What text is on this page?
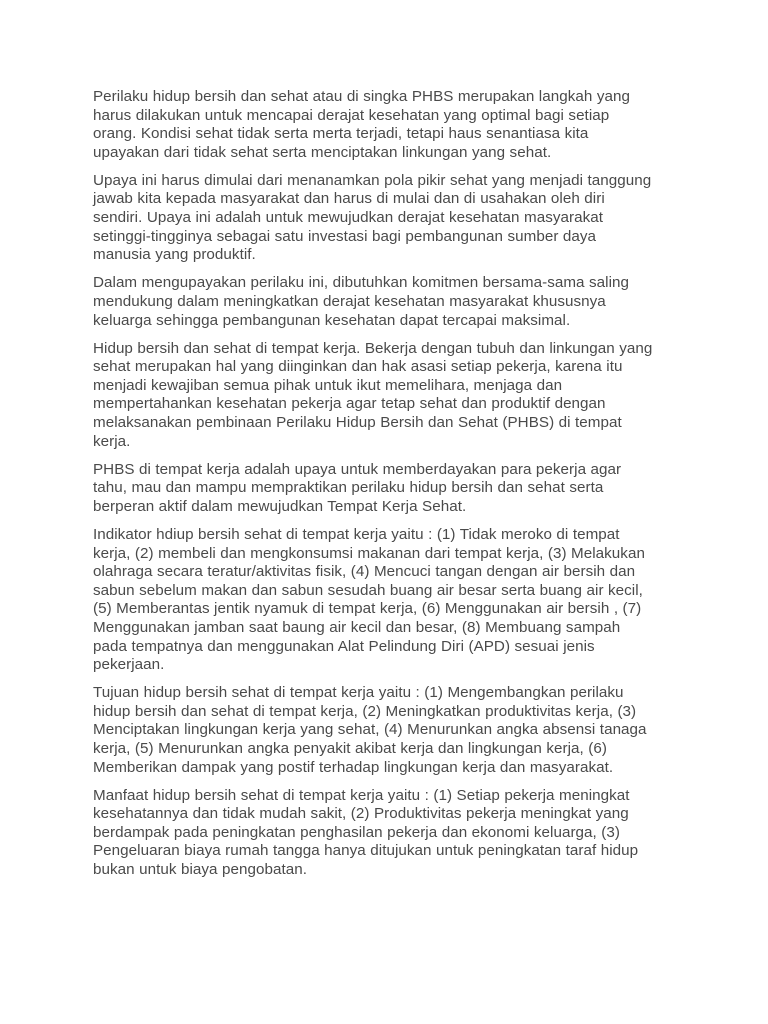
Perilaku hidup bersih dan sehat atau di singka PHBS merupakan langkah yang harus dilakukan untuk mencapai derajat kesehatan yang optimal bagi setiap orang. Kondisi sehat tidak serta merta terjadi, tetapi haus senantiasa kita upayakan dari tidak sehat serta menciptakan linkungan yang sehat.

Upaya ini harus dimulai dari menanamkan pola pikir sehat yang menjadi tanggung jawab kita kepada masyarakat dan harus di mulai dan di usahakan oleh diri sendiri. Upaya ini adalah untuk mewujudkan derajat kesehatan masyarakat setinggi-tingginya sebagai satu investasi bagi pembangunan sumber daya manusia yang produktif.

Dalam mengupayakan perilaku ini, dibutuhkan komitmen bersama-sama saling mendukung dalam meningkatkan derajat kesehatan masyarakat khususnya keluarga sehingga pembangunan kesehatan dapat tercapai maksimal.

Hidup bersih dan sehat di tempat kerja. Bekerja dengan tubuh dan linkungan yang sehat merupakan hal yang diinginkan dan hak asasi setiap pekerja, karena itu menjadi kewajiban semua pihak untuk ikut memelihara, menjaga dan mempertahankan kesehatan pekerja agar tetap sehat dan produktif dengan melaksanakan pembinaan Perilaku Hidup Bersih dan Sehat (PHBS) di tempat kerja.

PHBS di tempat kerja adalah upaya untuk memberdayakan para pekerja agar tahu, mau dan mampu mempraktikan perilaku hidup bersih dan sehat serta berperan aktif dalam mewujudkan Tempat Kerja Sehat.

Indikator hdiup bersih sehat di tempat kerja yaitu : (1) Tidak meroko di tempat kerja, (2) membeli dan mengkonsumsi makanan dari tempat kerja, (3) Melakukan olahraga secara teratur/aktivitas fisik, (4) Mencuci tangan dengan air bersih dan sabun sebelum makan dan sabun sesudah buang air besar serta buang air kecil, (5) Memberantas jentik nyamuk di tempat kerja, (6) Menggunakan air bersih , (7) Menggunakan jamban saat baung air kecil dan besar, (8) Membuang sampah pada tempatnya dan menggunakan Alat Pelindung Diri (APD) sesuai jenis pekerjaan.

Tujuan hidup bersih sehat di tempat kerja yaitu : (1) Mengembangkan perilaku hidup bersih dan sehat di tempat kerja, (2) Meningkatkan produktivitas kerja, (3) Menciptakan lingkungan kerja yang sehat, (4) Menurunkan angka absensi tanaga kerja, (5) Menurunkan angka penyakit akibat kerja dan lingkungan kerja, (6) Memberikan dampak yang postif terhadap lingkungan kerja dan masyarakat.

Manfaat hidup bersih sehat di tempat kerja yaitu : (1) Setiap pekerja meningkat kesehatannya dan tidak mudah sakit, (2) Produktivitas pekerja meningkat yang berdampak pada peningkatan penghasilan pekerja dan ekonomi keluarga, (3) Pengeluaran biaya rumah tangga hanya ditujukan untuk peningkatan taraf hidup bukan untuk biaya pengobatan.
